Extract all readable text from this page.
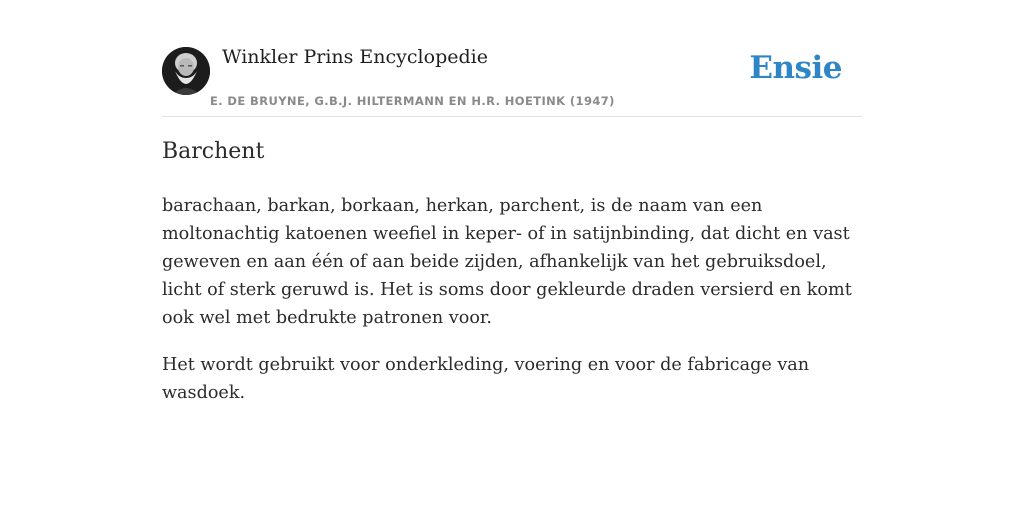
Winkler Prins Encyclopedie
E. DE BRUYNE, G.B.J. HILTERMANN EN H.R. HOETINK (1947)
Ensie
Barchent

barachaan, barkan, borkaan, herkan, parchent, is de naam van een moltonachtig katoenen weefiel in keper- of in satijnbinding, dat dicht en vast geweven en aan één of aan beide zijden, afhankelijk van het gebruiksdoel, licht of sterk geruwd is. Het is soms door gekleurde draden versierd en komt ook wel met bedrukte patronen voor.

Het wordt gebruikt voor onderkleding, voering en voor de fabricage van wasdoek.
